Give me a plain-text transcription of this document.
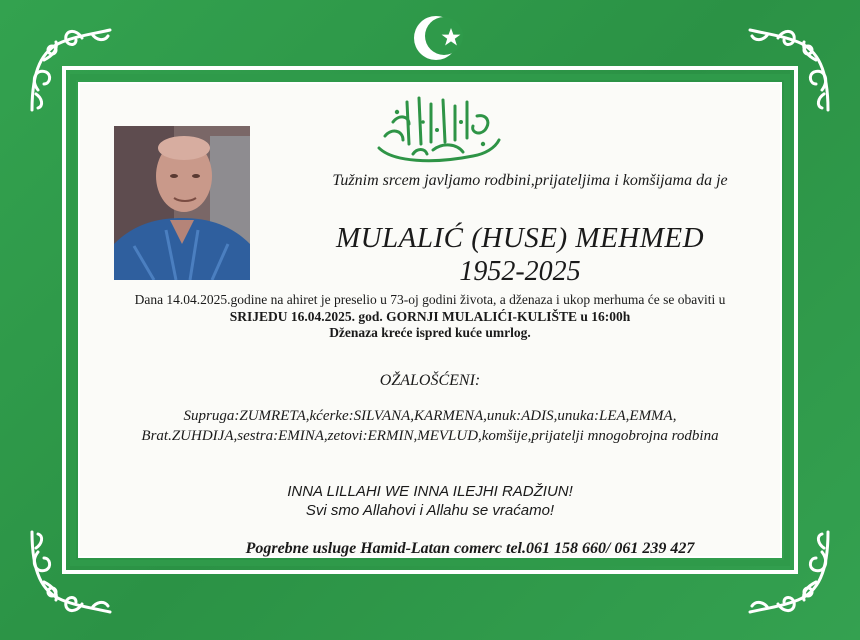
Tužnim srcem javljamo rodbini,prijateljima i komšijama da je
MULALIĆ (HUSE) MEHMED
1952-2025
Dana 14.04.2025.godine na ahiret je preselio u 73-oj godini života, a dženaza i ukop merhuma će se obaviti u
SRIJEDU 16.04.2025. god. GORNJI MULALIĆI-KULIŠTE u 16:00h
Dženaza kreće ispred kuće umrlog.
OŽALOŠĆENI:
Supruga:ZUMRETA,kćerke:SILVANA,KARMENA,unuk:ADIS,unuka:LEA,EMMA,
Brat.ZUHDIJA,sestra:EMINA,zetovi:ERMIN,MEVLUD,komšije,prijatelji mnogobrojna rodbina
INNA LILLAHI WE INNA ILEJHI RADŽIUN!
Svi smo Allahovi i Allahu se vraćamo!
Pogrebne usluge Hamid-Latan comerc tel.061 158 660/ 061 239 427
